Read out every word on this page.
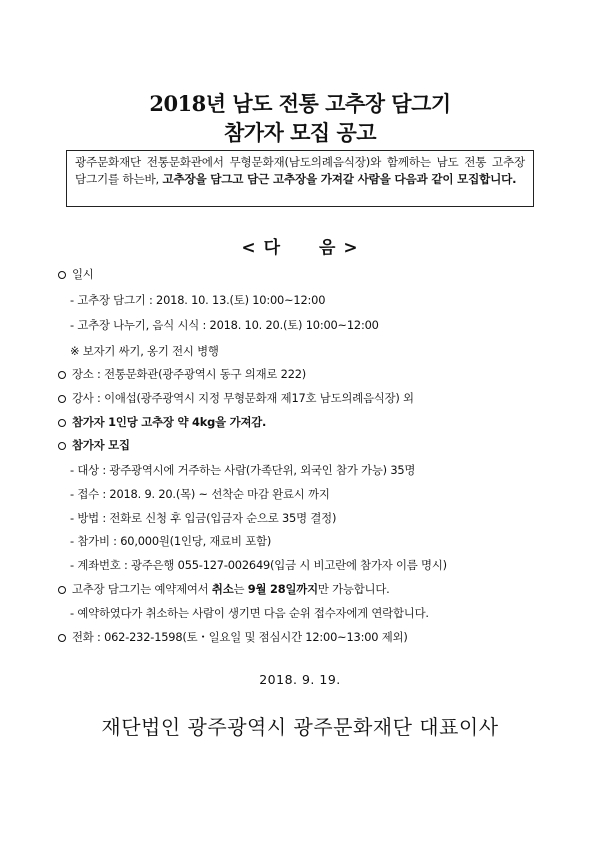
2018년 남도 전통 고추장 담그기
참가자 모집 공고
광주문화재단 전통문화관에서 무형문화재(남도의례음식장)와 함께하는 남도 전통 고추장 담그기를 하는바, 고추장을 담그고 담근 고추장을 가져갈 사람을 다음과 같이 모집합니다.
< 다 음 >
일시
- 고추장 담그기 : 2018. 10. 13.(토) 10:00~12:00
- 고추장 나누기, 음식 시식 : 2018. 10. 20.(토) 10:00~12:00
※ 보자기 싸기, 옹기 전시 병행
장소 : 전통문화관(광주광역시 동구 의재로 222)
강사 : 이애섭(광주광역시 지정 무형문화재 제17호 남도의례음식장) 외
참가자 1인당 고추장 약 4kg을 가져감.
참가자 모집
- 대상 : 광주광역시에 거주하는 사람(가족단위, 외국인 참가 가능) 35명
- 접수 : 2018. 9. 20.(목) ~ 선착순 마감 완료시 까지
- 방법 : 전화로 신청 후 입금(입금자 순으로 35명 결정)
- 참가비 : 60,000원(1인당, 재료비 포함)
- 계좌번호 : 광주은행 055-127-002649(입금 시 비고란에 참가자 이름 명시)
고추장 담그기는 예약제여서 취소는 9월 28일까지만 가능합니다.
- 예약하였다가 취소하는 사람이 생기면 다음 순위 접수자에게 연락합니다.
전화 : 062-232-1598(토・일요일 및 점심시간 12:00~13:00 제외)
2018. 9. 19.
재단법인 광주광역시 광주문화재단 대표이사
